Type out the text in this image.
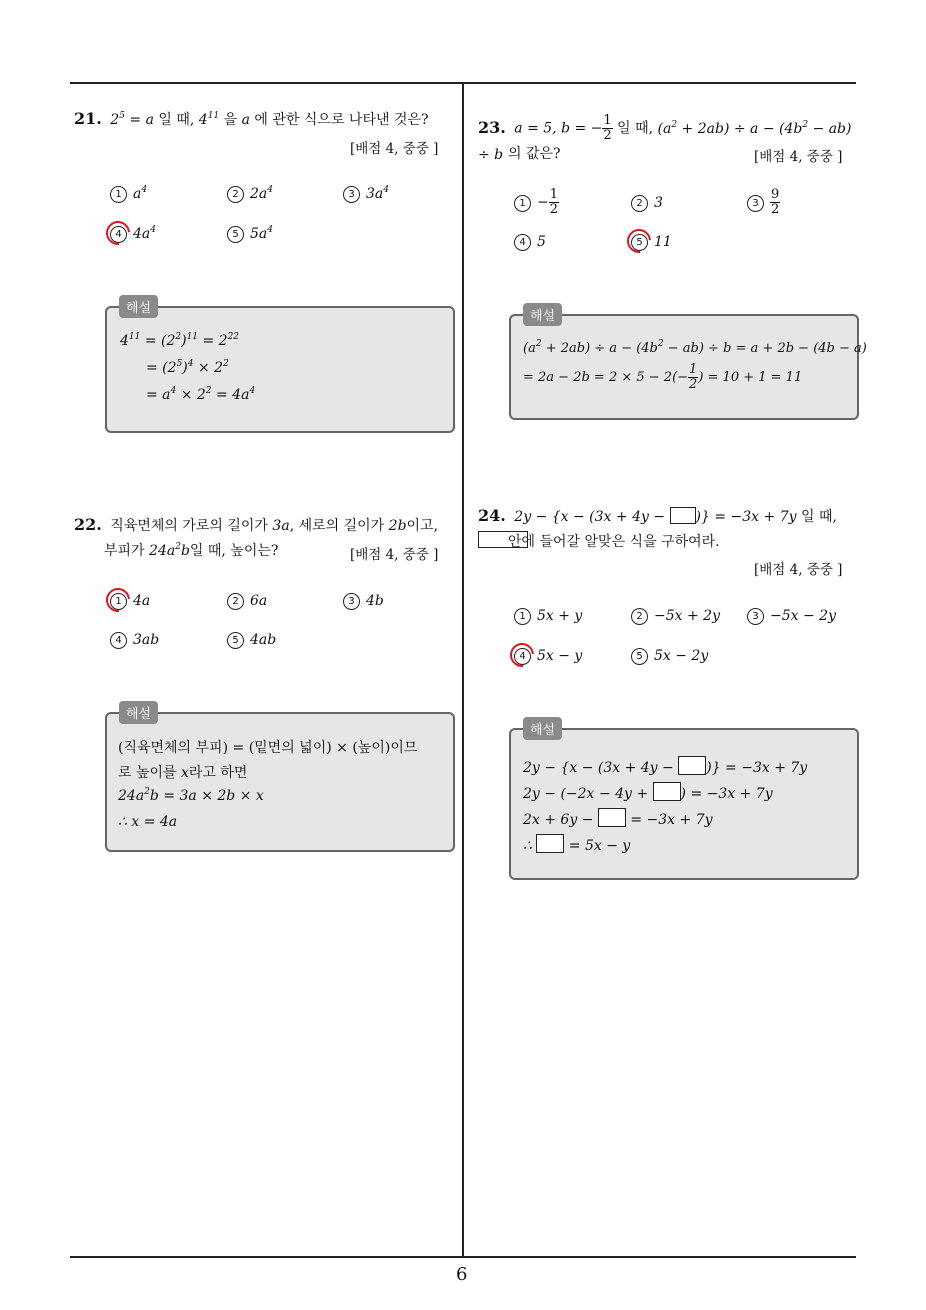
6
21. $2^5 = a$ 일 때, $4^{11}$ 을 a 에 관한 식으로 나타낸 것은?
[배점 4, 중중 ]
1 $a^4$	2 $2a^4$	3 $3a^4$
4 $4a^4$	5 $5a^4$
해설
$4^{11} = (2^2)^{11} = 2^{22}$
= $(2^5)^4 \times 2^2$
= $a^4 \times 2^2 = 4a^4$
22. 직육면체의 가로의 길이가 3a, 세로의 길이가 2b이고,
부피가 $24a^2b$일 때, 높이는?	[배점 4, 중중 ]
1 4a	2 6a	3 4b
4 3ab	5 4ab
해설
(직육면체의 부피) = (밑면의 넓이) × (높이)이므
로 높이를 x라고 하면
$24a^2b = 3a \times 2b \times x$
∴ x = 4a
23. a = 5, b = − $\frac{1}{2}$ 일 때, $(a^2 + 2ab) \div a - (4b^2 - ab) \div b$ 의 값은?	[배점 4, 중중 ]
$1 - \frac{1}{2}$	2 3	$3 \frac{9}{2}$
4 5	5 11
해설
$(a^2 + 2ab) \div a - (4b^2 - ab) \div b = a + 2b - (4b - a)$
= $2a - 2b = 2 \times 5 - 2(- \frac{1}{2}$ ) = 10 + 1 = 11
24. 2y − {x − (3x + 4y − )} = −3x + 7y 일 때,
안에 들어갈 알맞은 식을 구하여라.
[배점 4, 중중 ]
1 5x + y	2 −5x + 2y	3 −5x − 2y
4 5x − y	5 5x − 2y
해설
2y − {x − (3x + 4y − )} = −3x + 7y
2y − (−2x − 4y + ) = −3x + 7y
2x + 6y −  = −3x + 7y
∴  = 5x − y
